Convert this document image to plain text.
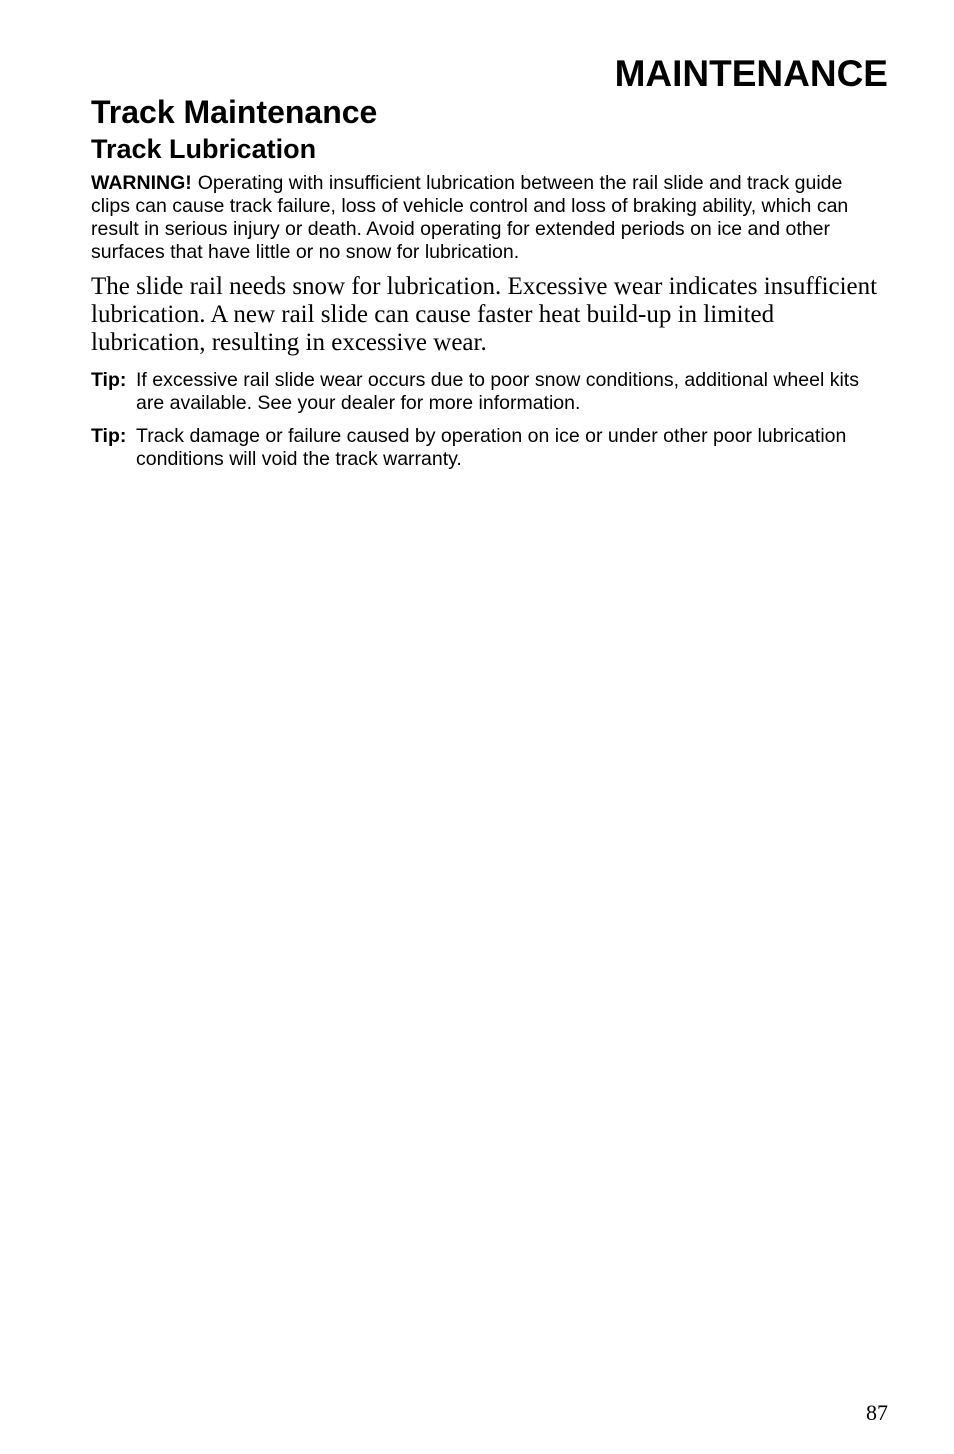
MAINTENANCE
Track Maintenance
Track Lubrication

WARNING! Operating with insufficient lubrication between the rail slide and track guide clips can cause track failure, loss of vehicle control and loss of braking ability, which can result in serious injury or death. Avoid operating for extended periods on ice and other surfaces that have little or no snow for lubrication.

The slide rail needs snow for lubrication. Excessive wear indicates insufficient lubrication. A new rail slide can cause faster heat build-up in limited lubrication, resulting in excessive wear.

Tip: If excessive rail slide wear occurs due to poor snow conditions, additional wheel kits are available. See your dealer for more information.

Tip: Track damage or failure caused by operation on ice or under other poor lubrication conditions will void the track warranty.

87
